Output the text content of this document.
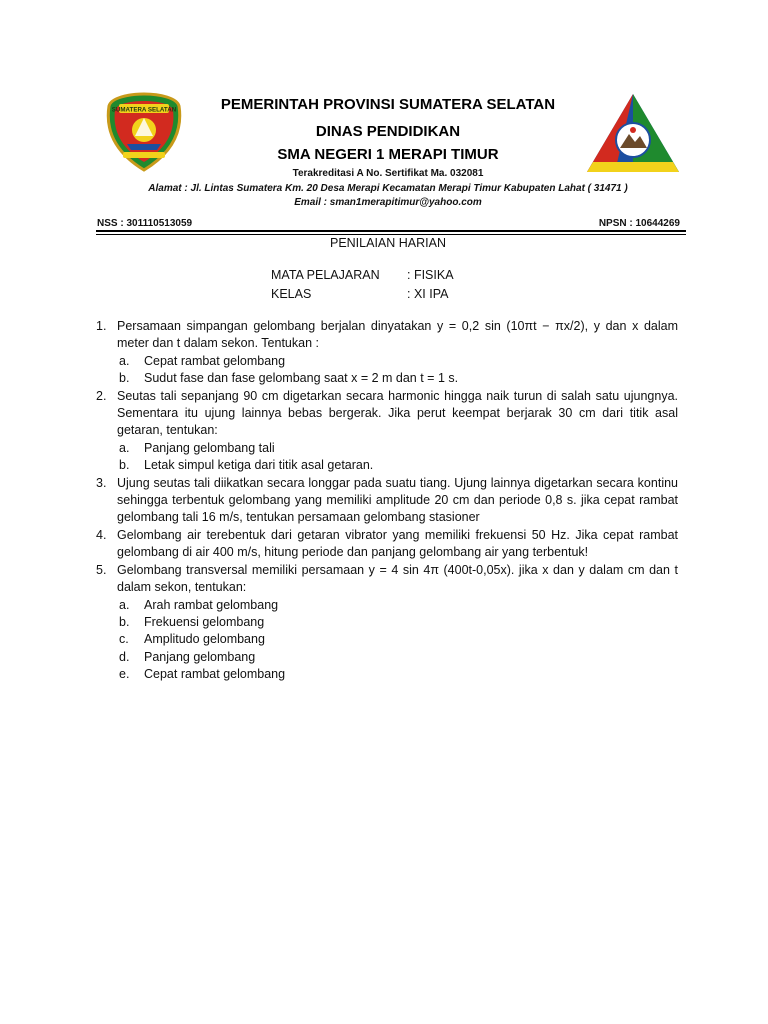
SUMATERA SELATAN	PEMERINTAH PROVINSI SUMATERA SELATAN
DINAS PENDIDIKAN
SMA NEGERI 1 MERAPI TIMUR
Terakreditasi A No. Sertifikat Ma. 032081
Alamat : Jl. Lintas Sumatera Km. 20 Desa Merapi Kecamatan Merapi Timur Kabupaten Lahat ( 31471 )
Email : sman1merapitimur@yahoo.com
NSS : 301110513059	NPSN : 10644269
PENILAIAN HARIAN
MATA PELAJARAN : FISIKA
KELAS	: XI IPA
1. Persamaan simpangan gelombang berjalan dinyatakan y = 0,2 sin (10πt − πx/2), y dan x dalam meter dan t dalam sekon. Tentukan :
a. Cepat rambat gelombang
b. Sudut fase dan fase gelombang saat x = 2 m dan t = 1 s.
2. Seutas tali sepanjang 90 cm digetarkan secara harmonic hingga naik turun di salah satu ujungnya. Sementara itu ujung lainnya bebas bergerak. Jika perut keempat berjarak 30 cm dari titik asal getaran, tentukan:
a. Panjang gelombang tali
b. Letak simpul ketiga dari titik asal getaran.
3. Ujung seutas tali diikatkan secara longgar pada suatu tiang. Ujung lainnya digetarkan secara kontinu sehingga terbentuk gelombang yang memiliki amplitude 20 cm dan periode 0,8 s. jika cepat rambat gelombang tali 16 m/s, tentukan persamaan gelombang stasioner
4. Gelombang air terebentuk dari getaran vibrator yang memiliki frekuensi 50 Hz. Jika cepat rambat gelombang di air 400 m/s, hitung periode dan panjang gelombang air yang terbentuk!
5. Gelombang transversal memiliki persamaan y = 4 sin 4π (400t-0,05x). jika x dan y dalam cm dan t dalam sekon, tentukan:
a. Arah rambat gelombang
b. Frekuensi gelombang
c. Amplitudo gelombang
d. Panjang gelombang
e. Cepat rambat gelombang
